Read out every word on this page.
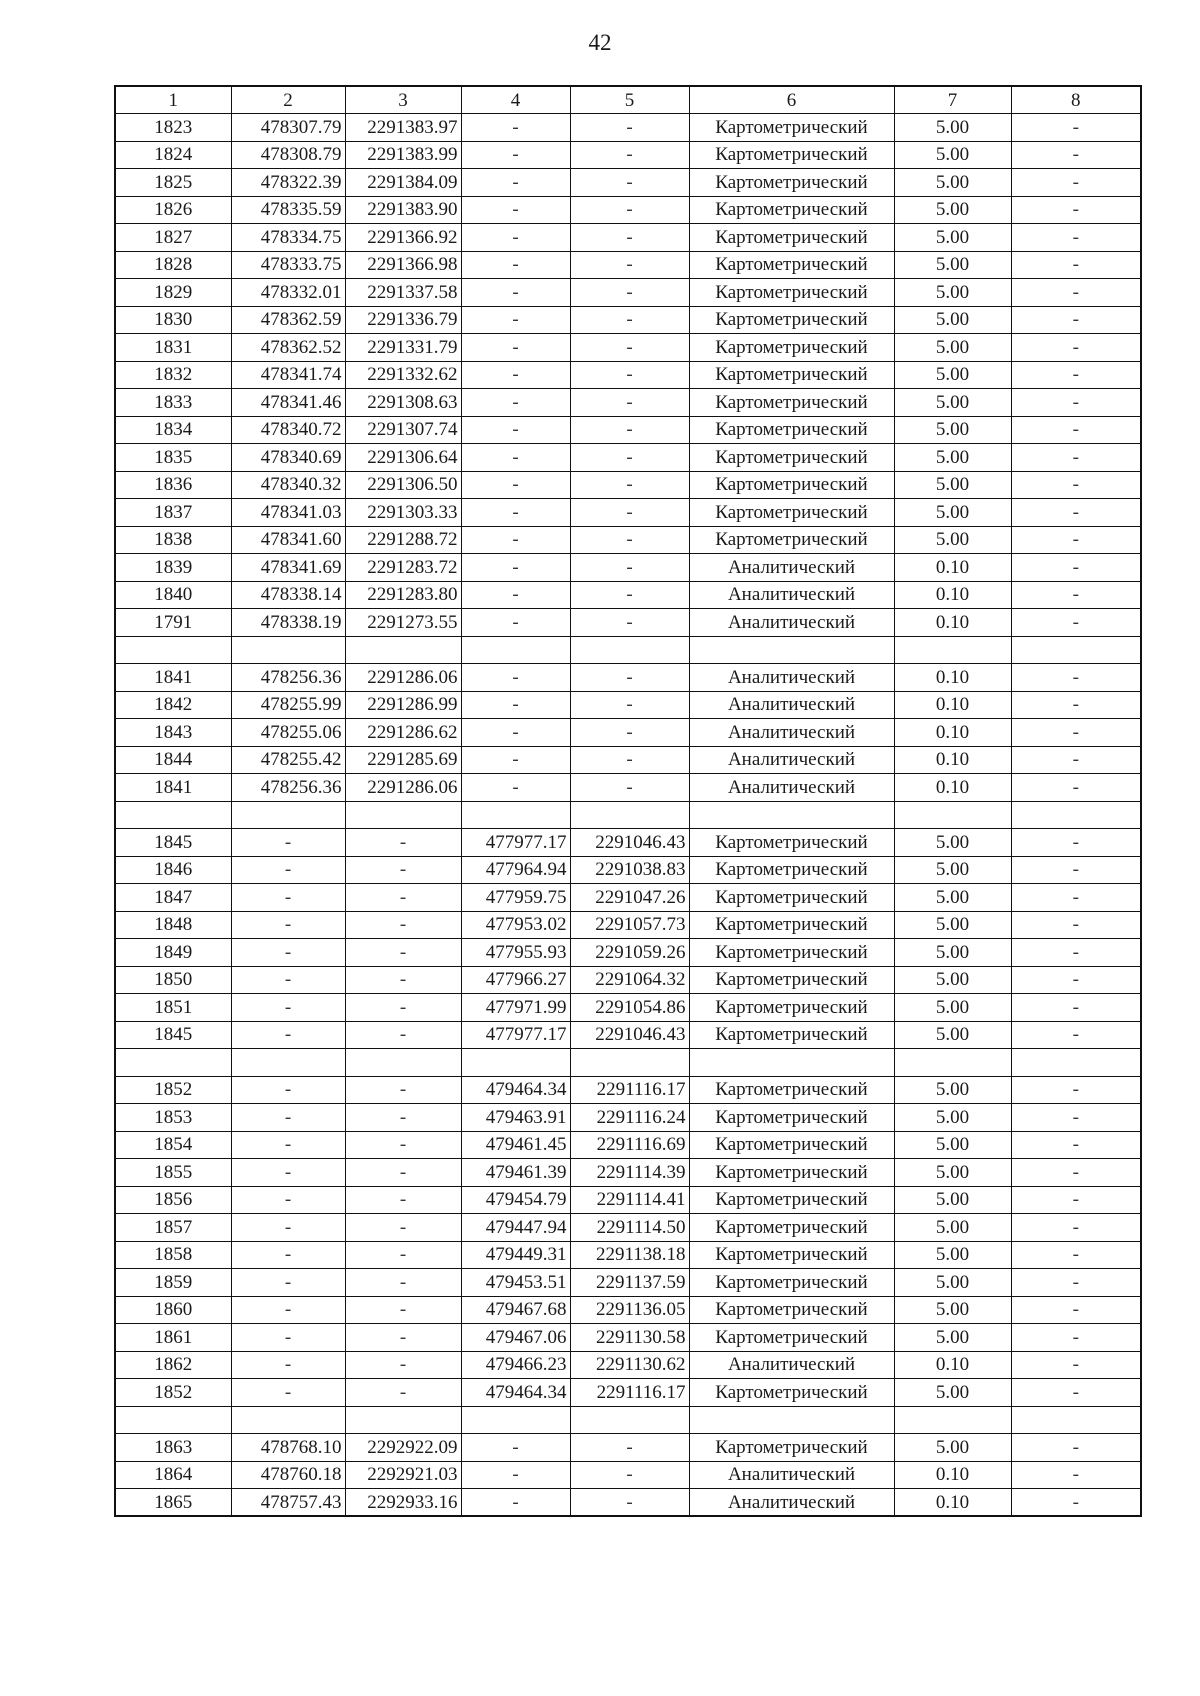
42
1	2	3	4	5	6	7	8
1823	478307.79	2291383.97	-	-	Картометрический	5.00	-
1824	478308.79	2291383.99	-	-	Картометрический	5.00	-
1825	478322.39	2291384.09	-	-	Картометрический	5.00	-
1826	478335.59	2291383.90	-	-	Картометрический	5.00	-
1827	478334.75	2291366.92	-	-	Картометрический	5.00	-
1828	478333.75	2291366.98	-	-	Картометрический	5.00	-
1829	478332.01	2291337.58	-	-	Картометрический	5.00	-
1830	478362.59	2291336.79	-	-	Картометрический	5.00	-
1831	478362.52	2291331.79	-	-	Картометрический	5.00	-
1832	478341.74	2291332.62	-	-	Картометрический	5.00	-
1833	478341.46	2291308.63	-	-	Картометрический	5.00	-
1834	478340.72	2291307.74	-	-	Картометрический	5.00	-
1835	478340.69	2291306.64	-	-	Картометрический	5.00	-
1836	478340.32	2291306.50	-	-	Картометрический	5.00	-
1837	478341.03	2291303.33	-	-	Картометрический	5.00	-
1838	478341.60	2291288.72	-	-	Картометрический	5.00	-
1839	478341.69	2291283.72	-	-	Аналитический	0.10	-
1840	478338.14	2291283.80	-	-	Аналитический	0.10	-
1791	478338.19	2291273.55	-	-	Аналитический	0.10	-

1841	478256.36	2291286.06	-	-	Аналитический	0.10	-
1842	478255.99	2291286.99	-	-	Аналитический	0.10	-
1843	478255.06	2291286.62	-	-	Аналитический	0.10	-
1844	478255.42	2291285.69	-	-	Аналитический	0.10	-
1841	478256.36	2291286.06	-	-	Аналитический	0.10	-

1845	-	-	477977.17	2291046.43	Картометрический	5.00	-
1846	-	-	477964.94	2291038.83	Картометрический	5.00	-
1847	-	-	477959.75	2291047.26	Картометрический	5.00	-
1848	-	-	477953.02	2291057.73	Картометрический	5.00	-
1849	-	-	477955.93	2291059.26	Картометрический	5.00	-
1850	-	-	477966.27	2291064.32	Картометрический	5.00	-
1851	-	-	477971.99	2291054.86	Картометрический	5.00	-
1845	-	-	477977.17	2291046.43	Картометрический	5.00	-

1852	-	-	479464.34	2291116.17	Картометрический	5.00	-
1853	-	-	479463.91	2291116.24	Картометрический	5.00	-
1854	-	-	479461.45	2291116.69	Картометрический	5.00	-
1855	-	-	479461.39	2291114.39	Картометрический	5.00	-
1856	-	-	479454.79	2291114.41	Картометрический	5.00	-
1857	-	-	479447.94	2291114.50	Картометрический	5.00	-
1858	-	-	479449.31	2291138.18	Картометрический	5.00	-
1859	-	-	479453.51	2291137.59	Картометрический	5.00	-
1860	-	-	479467.68	2291136.05	Картометрический	5.00	-
1861	-	-	479467.06	2291130.58	Картометрический	5.00	-
1862	-	-	479466.23	2291130.62	Аналитический	0.10	-
1852	-	-	479464.34	2291116.17	Картометрический	5.00	-

1863	478768.10	2292922.09	-	-	Картометрический	5.00	-
1864	478760.18	2292921.03	-	-	Аналитический	0.10	-
1865	478757.43	2292933.16	-	-	Аналитический	0.10	-
